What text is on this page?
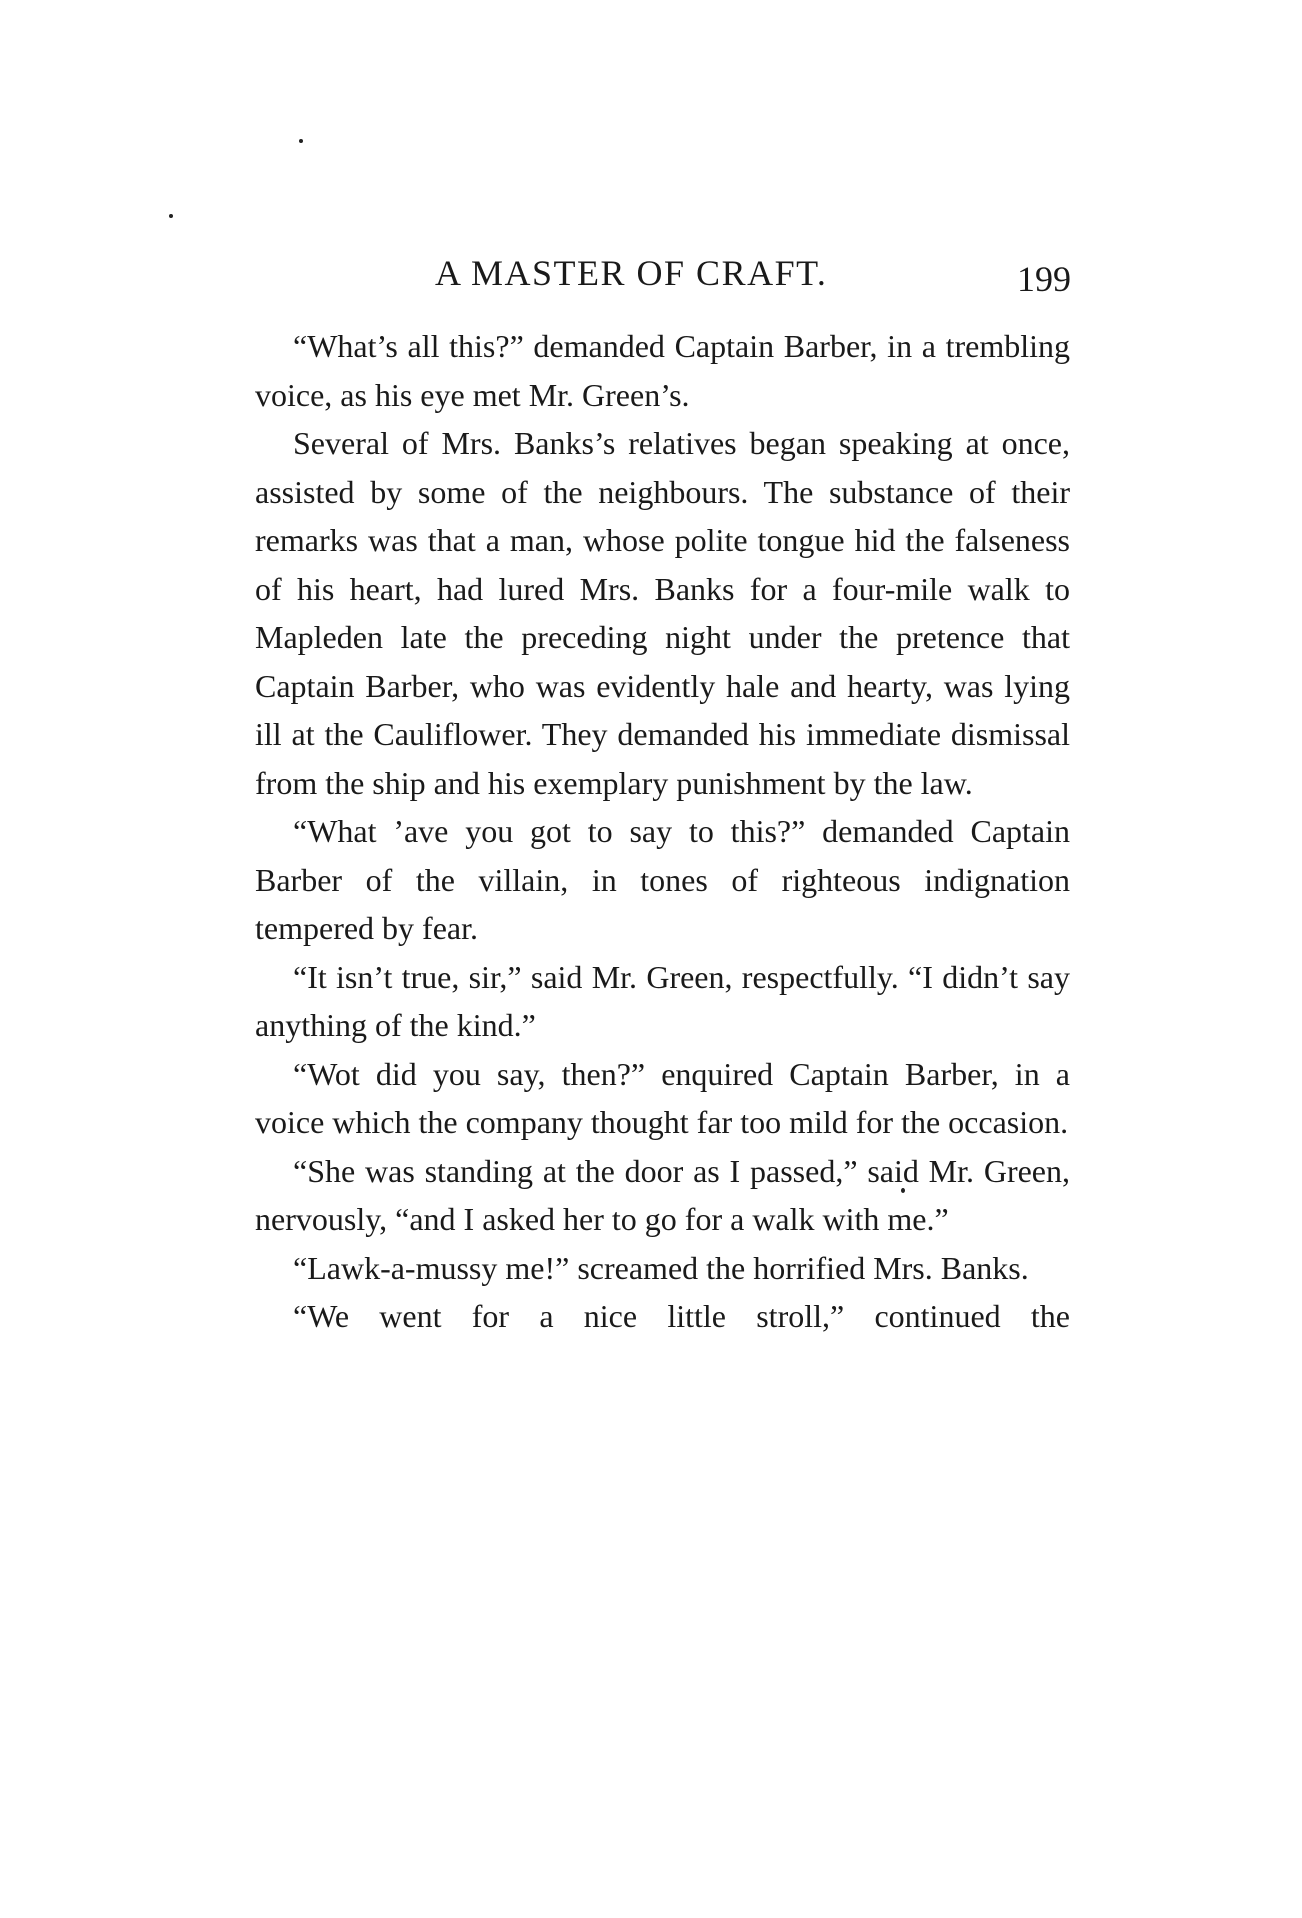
A MASTER OF CRAFT.	199

“What’s all this?” demanded Captain Barber, in a trembling voice, as his eye met Mr. Green’s.

Several of Mrs. Banks’s relatives began speaking at once, assisted by some of the neighbours. The substance of their remarks was that a man, whose polite tongue hid the falseness of his heart, had lured Mrs. Banks for a four-mile walk to Mapleden late the preceding night under the pretence that Captain Barber, who was evidently hale and hearty, was lying ill at the Cauliflower. They demanded his immediate dismissal from the ship and his exemplary punishment by the law.

“What ’ave you got to say to this?” demanded Captain Barber of the villain, in tones of righteous indignation tempered by fear.

“It isn’t true, sir,” said Mr. Green, respectfully. “I didn’t say anything of the kind.”

“Wot did you say, then?” enquired Captain Barber, in a voice which the company thought far too mild for the occasion.

“She was standing at the door as I passed,” said Mr. Green, nervously, “and I asked her to go for a walk with me.”

“Lawk-a-mussy me!” screamed the horrified Mrs. Banks.

“We went for a nice little stroll,” continued the
